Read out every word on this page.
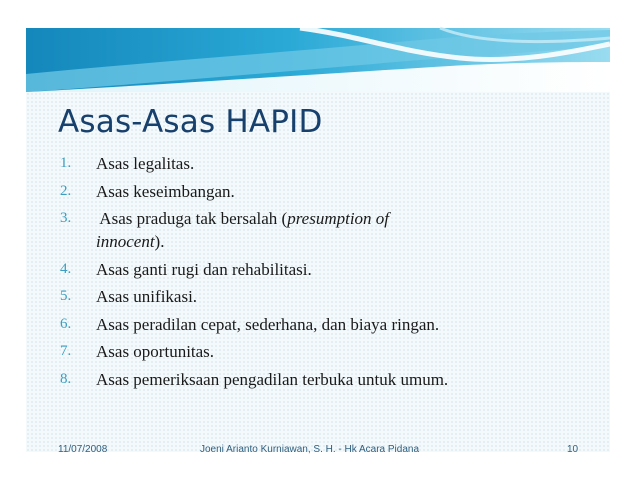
Asas-Asas HAPID
1. Asas legalitas.
2. Asas keseimbangan.
3. Asas praduga tak bersalah (presumption of
innocent).
4. Asas ganti rugi dan rehabilitasi.
5. Asas unifikasi.
6. Asas peradilan cepat, sederhana, dan biaya ringan.
7. Asas oportunitas.
8. Asas pemeriksaan pengadilan terbuka untuk umum.
11/07/2008	Joeni Arianto Kurniawan, S. H. - Hk Acara Pidana	10
